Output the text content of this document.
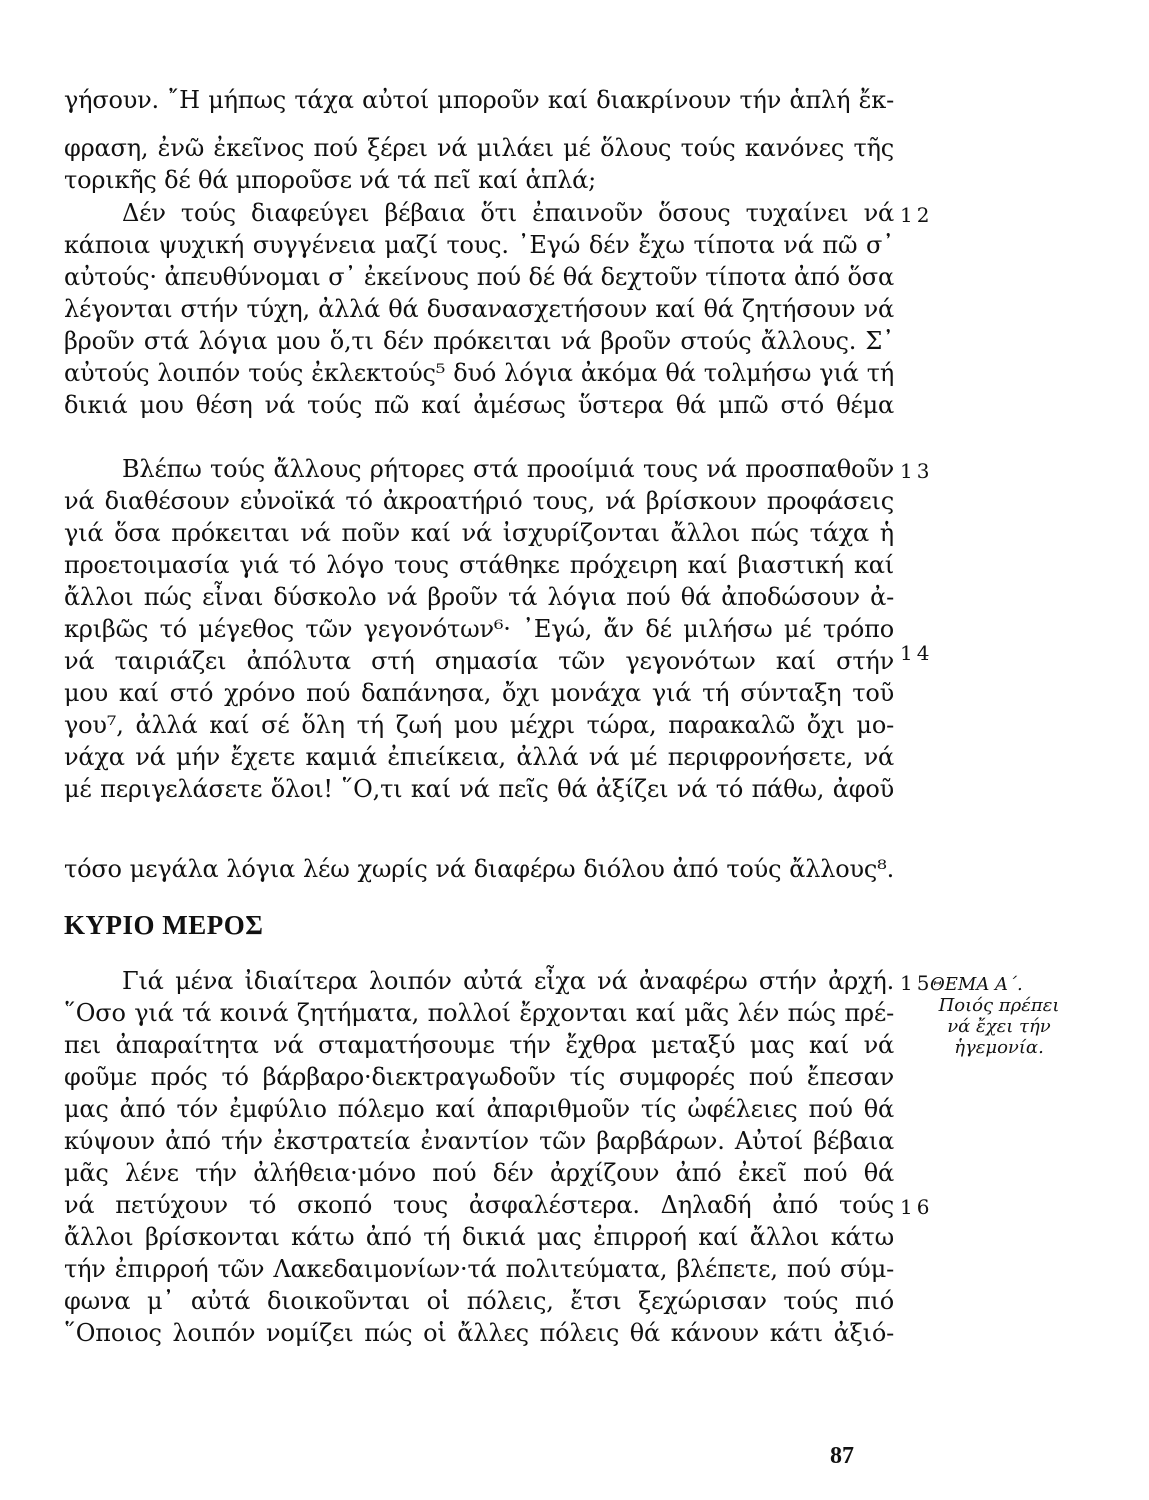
γήσουν. ῎Η μήπως τάχα αὐτοί μποροῦν καί διακρίνουν τήν ἁπλή ἔκ-
φραση, ἐνῶ ἐκεῖνος πού ξέρει νά μιλάει μέ ὅλους τούς κανόνες τῆς
τορικῆς δέ θά μποροῦσε νά τά πεῖ καί ἁπλά;
Δέν τούς διαφεύγει βέβαια ὅτι ἐπαινοῦν ὅσους τυχαίνει νά 12
κάποια ψυχική συγγένεια μαζί τους. ᾿Εγώ δέν ἔχω τίποτα νά πῶ σ᾿
αὐτούς· ἀπευθύνομαι σ᾿ ἐκείνους πού δέ θά δεχτοῦν τίποτα ἀπό ὅσα
λέγονται στήν τύχη, ἀλλά θά δυσανασχετήσουν καί θά ζητήσουν νά
βροῦν στά λόγια μου ὅ,τι δέν πρόκειται νά βροῦν στούς ἄλλους. Σ᾿
αὐτούς λοιπόν τούς ἐκλεκτούς⁵ δυό λόγια ἀκόμα θά τολμήσω γιά τή
δικιά μου θέση νά τούς πῶ καί ἀμέσως ὕστερα θά μπῶ στό θέμα
Βλέπω τούς ἄλλους ρήτορες στά προοίμιά τους νά προσπαθοῦν 13
νά διαθέσουν εὐνοϊκά τό ἀκροατήριό τους, νά βρίσκουν προφάσεις
γιά ὅσα πρόκειται νά ποῦν καί νά ἰσχυρίζονται ἄλλοι πώς τάχα ἡ
προετοιμασία γιά τό λόγο τους στάθηκε πρόχειρη καί βιαστική καί
ἄλλοι πώς εἶναι δύσκολο νά βροῦν τά λόγια πού θά ἀποδώσουν ἀ-
κριβῶς τό μέγεθος τῶν γεγονότων⁶· ᾿Εγώ, ἄν δέ μιλήσω μέ τρόπο
14
νά ταιριάζει ἀπόλυτα στή σημασία τῶν γεγονότων καί στήν
μου καί στό χρόνο πού δαπάνησα, ὄχι μονάχα γιά τή σύνταξη τοῦ
γου⁷, ἀλλά καί σέ ὅλη τή ζωή μου μέχρι τώρα, παρακαλῶ ὄχι μο-
νάχα νά μήν ἔχετε καμιά ἐπιείκεια, ἀλλά νά μέ περιφρονήσετε, νά
μέ περιγελάσετε ὅλοι! ῞Ο,τι καί νά πεῖς θά ἀξίζει νά τό πάθω, ἀφοῦ
τόσο μεγάλα λόγια λέω χωρίς νά διαφέρω διόλου ἀπό τούς ἄλλους⁸.
ΚΥΡΙΟ ΜΕΡΟΣ
Γιά μένα ἰδιαίτερα λοιπόν αὐτά εἶχα νά ἀναφέρω στήν ἀρχή. 15
῞Οσο γιά τά κοινά ζητήματα, πολλοί ἔρχονται καί μᾶς λέν πώς πρέ-
πει ἀπαραίτητα νά σταματήσουμε τήν ἔχθρα μεταξύ μας καί νά
φοῦμε πρός τό βάρβαρο·διεκτραγωδοῦν τίς συμφορές πού ἔπεσαν
μας ἀπό τόν ἐμφύλιο πόλεμο καί ἀπαριθμοῦν τίς ὠφέλειες πού θά
κύψουν ἀπό τήν ἐκστρατεία ἐναντίον τῶν βαρβάρων. Αὐτοί βέβαια
μᾶς λένε τήν ἀλήθεια·μόνο πού δέν ἀρχίζουν ἀπό ἐκεῖ πού θά
νά πετύχουν τό σκοπό τους ἀσφαλέστερα. Δηλαδή ἀπό τούς 16
ἄλλοι βρίσκονται κάτω ἀπό τή δικιά μας ἐπιρροή καί ἄλλοι κάτω
τήν ἐπιρροή τῶν Λακεδαιμονίων·τά πολιτεύματα, βλέπετε, πού σύμ-
φωνα μ᾿ αὐτά διοικοῦνται οἱ πόλεις, ἔτσι ξεχώρισαν τούς πιό
῞Οποιος λοιπόν νομίζει πώς οἱ ἄλλες πόλεις θά κάνουν κάτι ἀξιό-
ΘΕΜΑ Α΄.
Ποιός πρέπει
νά ἔχει τήν
ἡγεμονία.
87
